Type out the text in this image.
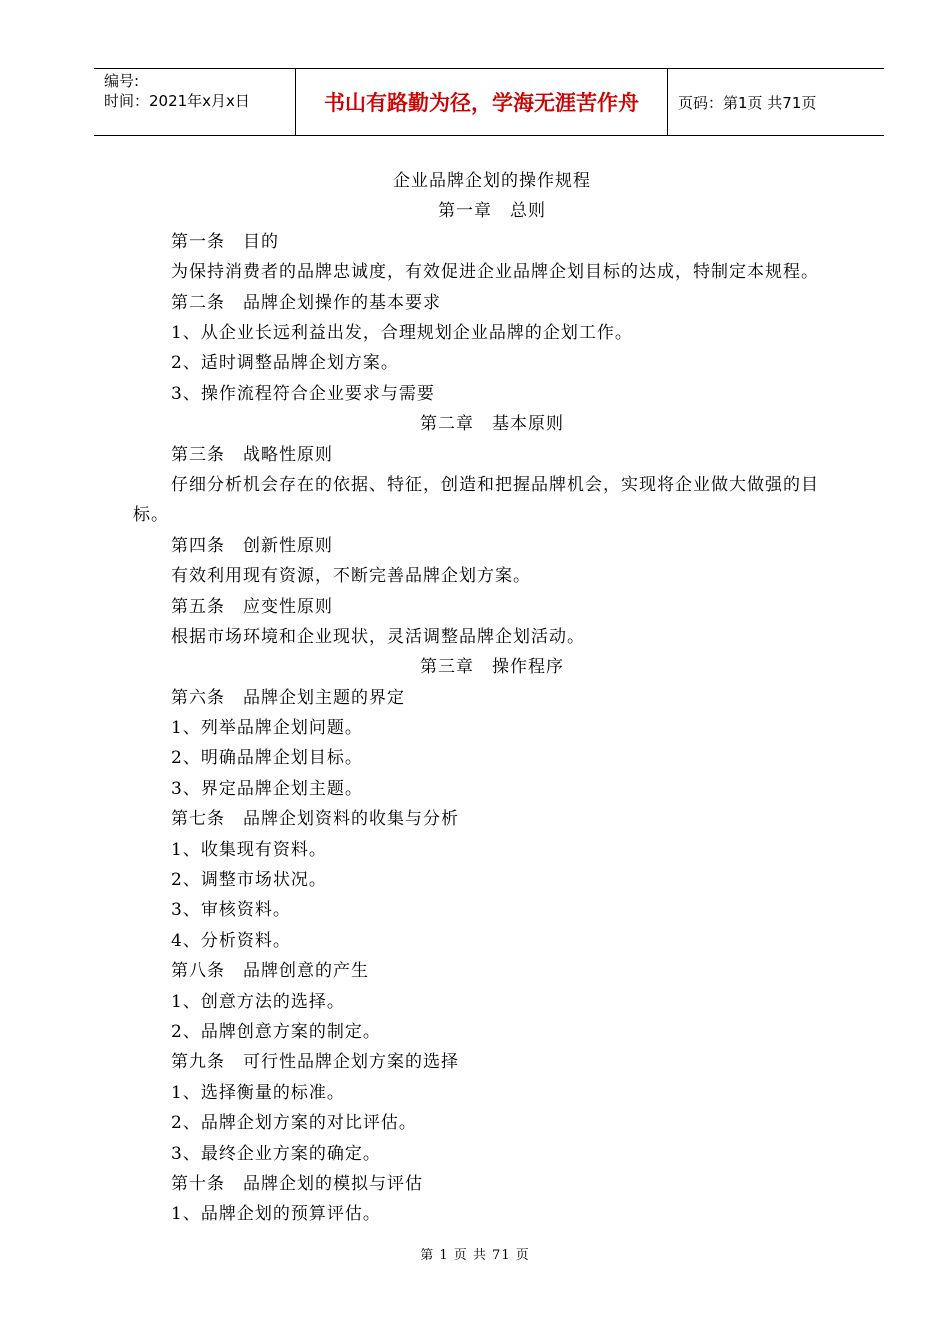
编号:
时间：2021年x月x日	书山有路勤为径，学海无涯苦作舟	页码：第1页 共71页
企业品牌企划的操作规程
第一章　总则
第一条　目的
为保持消费者的品牌忠诚度，有效促进企业品牌企划目标的达成，特制定本规程。
第二条　品牌企划操作的基本要求
1、从企业长远利益出发，合理规划企业品牌的企划工作。
2、适时调整品牌企划方案。
3、操作流程符合企业要求与需要
第二章　基本原则
第三条　战略性原则
仔细分析机会存在的依据、特征，创造和把握品牌机会，实现将企业做大做强的目标。
第四条　创新性原则
有效利用现有资源，不断完善品牌企划方案。
第五条　应变性原则
根据市场环境和企业现状，灵活调整品牌企划活动。
第三章　操作程序
第六条　品牌企划主题的界定
1、列举品牌企划问题。
2、明确品牌企划目标。
3、界定品牌企划主题。
第七条　品牌企划资料的收集与分析
1、收集现有资料。
2、调整市场状况。
3、审核资料。
4、分析资料。
第八条　品牌创意的产生
1、创意方法的选择。
2、品牌创意方案的制定。
第九条　可行性品牌企划方案的选择
1、选择衡量的标准。
2、品牌企划方案的对比评估。
3、最终企业方案的确定。
第十条　品牌企划的模拟与评估
1、品牌企划的预算评估。
第 1 页 共 71 页
